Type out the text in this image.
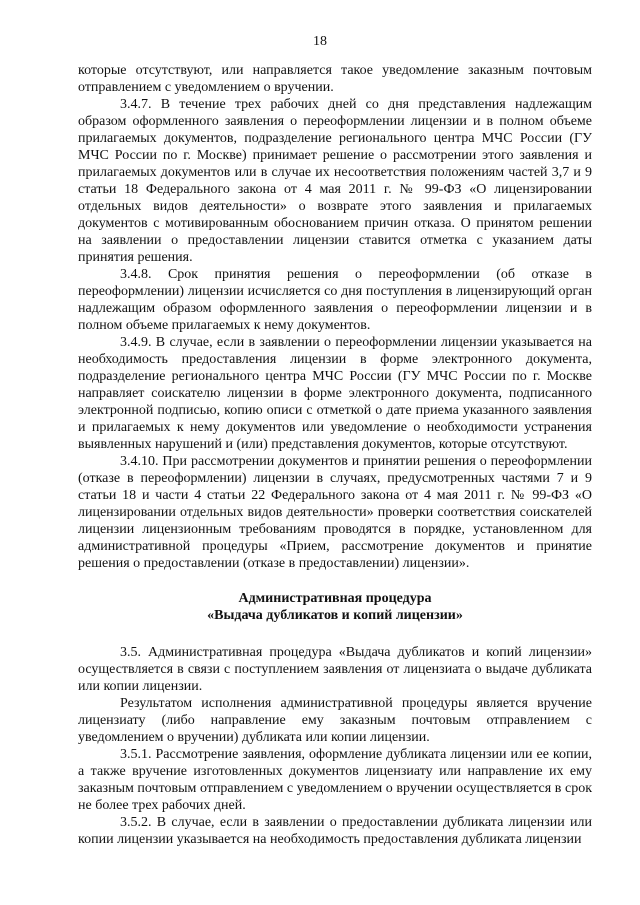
18

которые отсутствуют, или направляется такое уведомление заказным почтовым отправлением с уведомлением о вручении.

3.4.7. В течение трех рабочих дней со дня представления надлежащим образом оформленного заявления о переоформлении лицензии и в полном объеме прилагаемых документов, подразделение регионального центра МЧС России (ГУ МЧС России по г. Москве) принимает решение о рассмотрении этого заявления и прилагаемых документов или в случае их несоответствия положениям частей 3,7 и 9 статьи 18 Федерального закона от 4 мая 2011 г. № 99-ФЗ «О лицензировании отдельных видов деятельности» о возврате этого заявления и прилагаемых документов с мотивированным обоснованием причин отказа. О принятом решении на заявлении о предоставлении лицензии ставится отметка с указанием даты принятия решения.

3.4.8. Срок принятия решения о переоформлении (об отказе в переоформлении) лицензии исчисляется со дня поступления в лицензирующий орган надлежащим образом оформленного заявления о переоформлении лицензии и в полном объеме прилагаемых к нему документов.

3.4.9. В случае, если в заявлении о переоформлении лицензии указывается на необходимость предоставления лицензии в форме электронного документа, подразделение регионального центра МЧС России (ГУ МЧС России по г. Москве направляет соискателю лицензии в форме электронного документа, подписанного электронной подписью, копию описи с отметкой о дате приема указанного заявления и прилагаемых к нему документов или уведомление о необходимости устранения выявленных нарушений и (или) представления документов, которые отсутствуют.

3.4.10. При рассмотрении документов и принятии решения о переоформлении (отказе в переоформлении) лицензии в случаях, предусмотренных частями 7 и 9 статьи 18 и части 4 статьи 22 Федерального закона от 4 мая 2011 г. № 99-ФЗ «О лицензировании отдельных видов деятельности» проверки соответствия соискателей лицензии лицензионным требованиям проводятся в порядке, установленном для административной процедуры «Прием, рассмотрение документов и принятие решения о предоставлении (отказе в предоставлении) лицензии».

Административная процедура
«Выдача дубликатов и копий лицензии»

3.5. Административная процедура «Выдача дубликатов и копий лицензии» осуществляется в связи с поступлением заявления от лицензиата о выдаче дубликата или копии лицензии.

Результатом исполнения административной процедуры является вручение лицензиату (либо направление ему заказным почтовым отправлением с уведомлением о вручении) дубликата или копии лицензии.

3.5.1. Рассмотрение заявления, оформление дубликата лицензии или ее копии, а также вручение изготовленных документов лицензиату или направление их ему заказным почтовым отправлением с уведомлением о вручении осуществляется в срок не более трех рабочих дней.

3.5.2. В случае, если в заявлении о предоставлении дубликата лицензии или копии лицензии указывается на необходимость предоставления дубликата лицензии
